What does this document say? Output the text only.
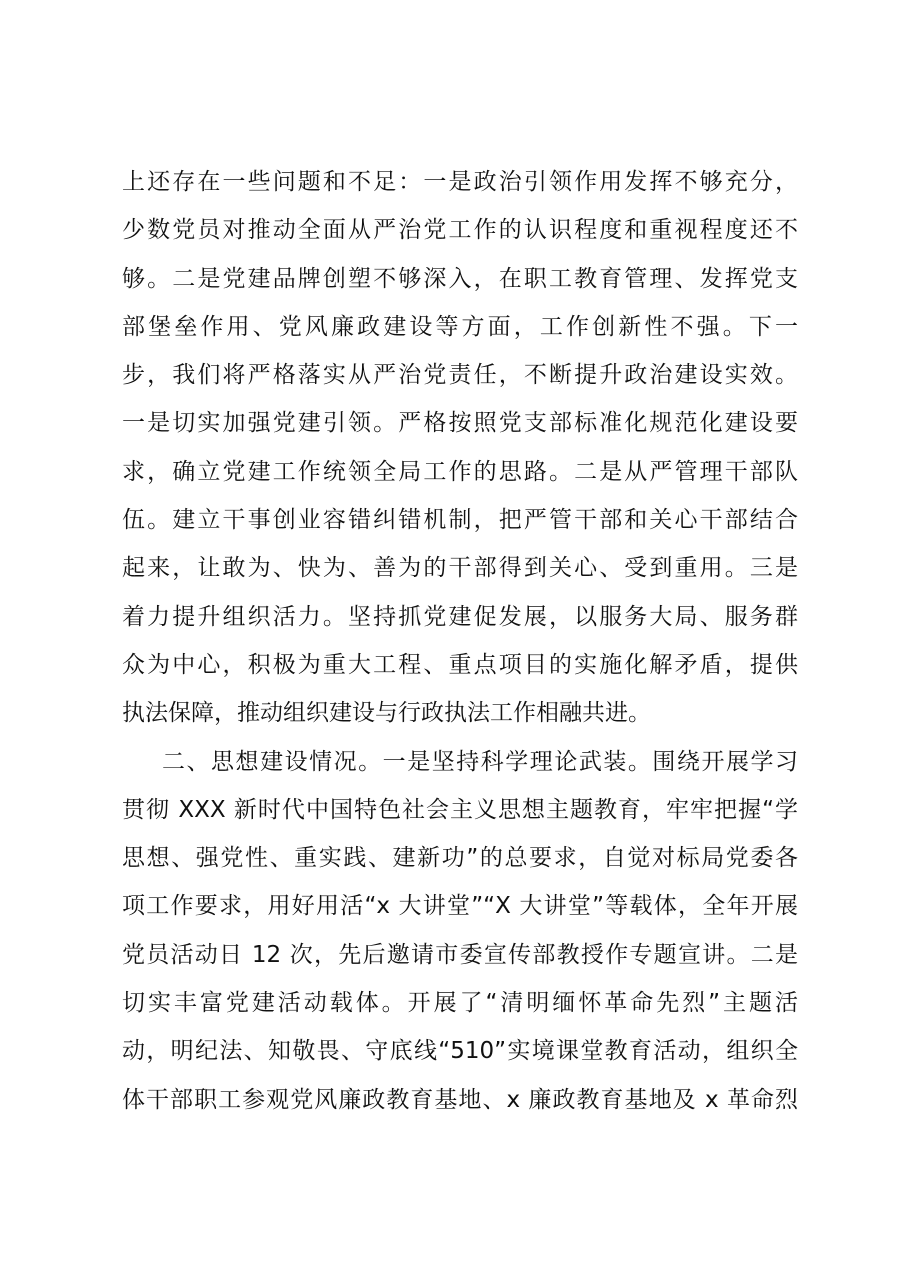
上还存在一些问题和不足：一是政治引领作用发挥不够充分，
少数党员对推动全面从严治党工作的认识程度和重视程度还不
够。二是党建品牌创塑不够深入，在职工教育管理、发挥党支
部堡垒作用、党风廉政建设等方面，工作创新性不强。下一
步，我们将严格落实从严治党责任，不断提升政治建设实效。
一是切实加强党建引领。严格按照党支部标准化规范化建设要
求，确立党建工作统领全局工作的思路。二是从严管理干部队
伍。建立干事创业容错纠错机制，把严管干部和关心干部结合
起来，让敢为、快为、善为的干部得到关心、受到重用。三是
着力提升组织活力。坚持抓党建促发展，以服务大局、服务群
众为中心，积极为重大工程、重点项目的实施化解矛盾，提供
执法保障，推动组织建设与行政执法工作相融共进。
二、思想建设情况。一是坚持科学理论武装。围绕开展学习
贯彻 XXX 新时代中国特色社会主义思想主题教育，牢牢把握“学
思想、强党性、重实践、建新功”的总要求，自觉对标局党委各
项工作要求，用好用活“x 大讲堂”“X 大讲堂”等载体，全年开展
党员活动日 12 次，先后邀请市委宣传部教授作专题宣讲。二是
切实丰富党建活动载体。开展了“清明缅怀革命先烈”主题活
动，明纪法、知敬畏、守底线“510”实境课堂教育活动，组织全
体干部职工参观党风廉政教育基地、x 廉政教育基地及 x 革命烈
